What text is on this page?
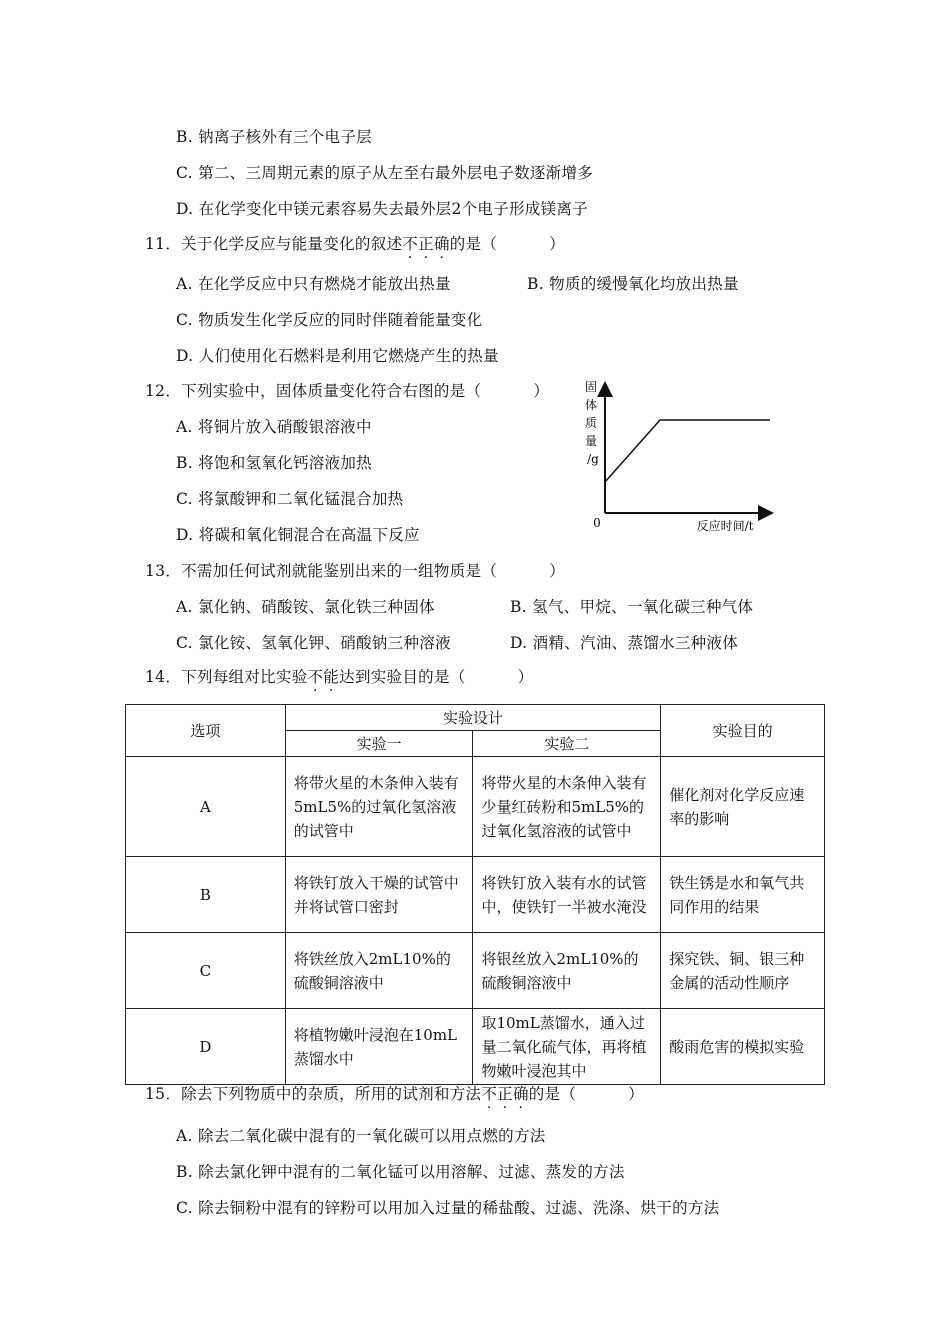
B. 钠离子核外有三个电子层
C. 第二、三周期元素的原子从左至右最外层电子数逐渐增多
D. 在化学变化中镁元素容易失去最外层2个电子形成镁离子
11．关于化学反应与能量变化的叙述不正确的是（	）
A. 在化学反应中只有燃烧才能放出热量	B. 物质的缓慢氧化均放出热量
C. 物质发生化学反应的同时伴随着能量变化
D. 人们使用化石燃料是利用它燃烧产生的热量
12．下列实验中，固体质量变化符合右图的是（	）
A. 将铜片放入硝酸银溶液中
B. 将饱和氢氧化钙溶液加热
C. 将氯酸钾和二氧化锰混合加热
D. 将碳和氧化铜混合在高温下反应
固
体
质
量
/g
0	反应时间/t
13．不需加任何试剂就能鉴别出来的一组物质是（	）
A. 氯化钠、硝酸铵、氯化铁三种固体	B. 氢气、甲烷、一氧化碳三种气体
C. 氯化铵、氢氧化钾、硝酸钠三种溶液	D. 酒精、汽油、蒸馏水三种液体
14．下列每组对比实验不能达到实验目的是（	）
选项	实验设计		实验目的
	实验一	实验二	
A	将带火星的木条伸入装有5mL5%的过氧化氢溶液的试管中	将带火星的木条伸入装有少量红砖粉和5mL5%的过氧化氢溶液的试管中	催化剂对化学反应速率的影响
B	将铁钉放入干燥的试管中并将试管口密封	将铁钉放入装有水的试管中，使铁钉一半被水淹没	铁生锈是水和氧气共同作用的结果
C	将铁丝放入2mL10%的硫酸铜溶液中	将银丝放入2mL10%的硫酸铜溶液中	探究铁、铜、银三种金属的活动性顺序
D	将植物嫩叶浸泡在10mL蒸馏水中	取10mL蒸馏水，通入过量二氧化硫气体，再将植物嫩叶浸泡其中	酸雨危害的模拟实验
15．除去下列物质中的杂质，所用的试剂和方法不正确的是（	）
A. 除去二氧化碳中混有的一氧化碳可以用点燃的方法
B. 除去氯化钾中混有的二氧化锰可以用溶解、过滤、蒸发的方法
C. 除去铜粉中混有的锌粉可以用加入过量的稀盐酸、过滤、洗涤、烘干的方法
